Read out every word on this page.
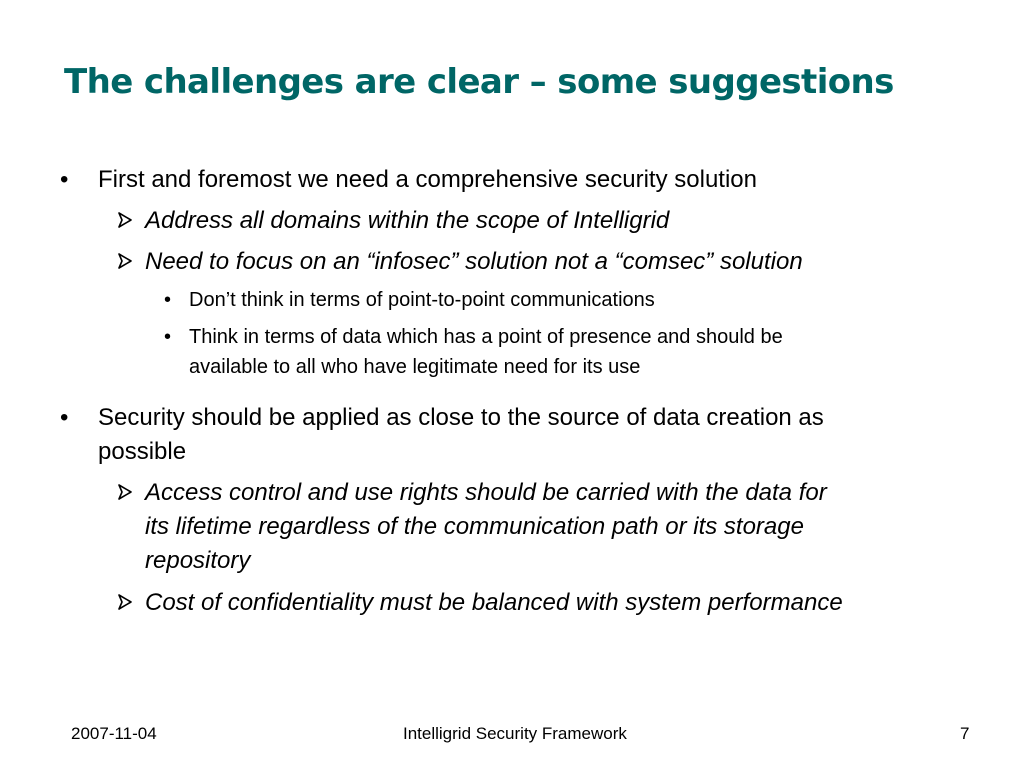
The challenges are clear – some suggestions
• First and foremost we need a comprehensive security solution
Address all domains within the scope of Intelligrid
Need to focus on an “infosec” solution not a “comsec” solution
• Don’t think in terms of point-to-point communications
• Think in terms of data which has a point of presence and should be
available to all who have legitimate need for its use
• Security should be applied as close to the source of data creation as
possible
Access control and use rights should be carried with the data for
its lifetime regardless of the communication path or its storage
repository
Cost of confidentiality must be balanced with system performance
2007-11-04	Intelligrid Security Framework	7
